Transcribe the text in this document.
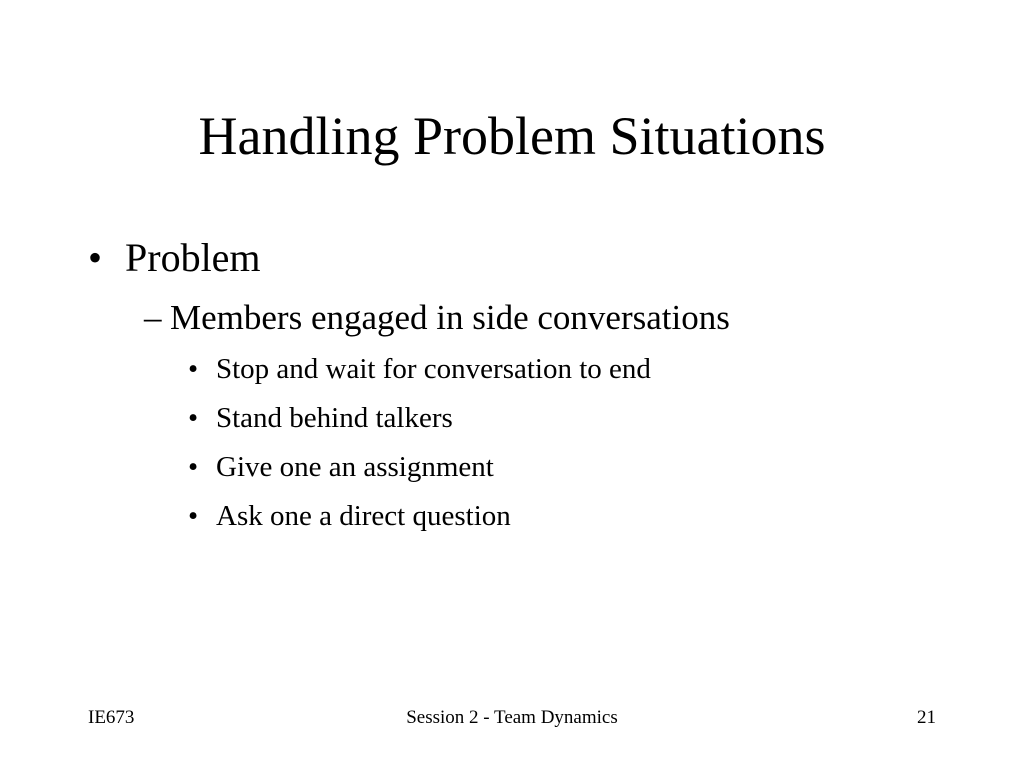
Handling Problem Situations
• Problem
– Members engaged in side conversations
• Stop and wait for conversation to end
• Stand behind talkers
• Give one an assignment
• Ask one a direct question
IE673	Session 2 - Team Dynamics	21
